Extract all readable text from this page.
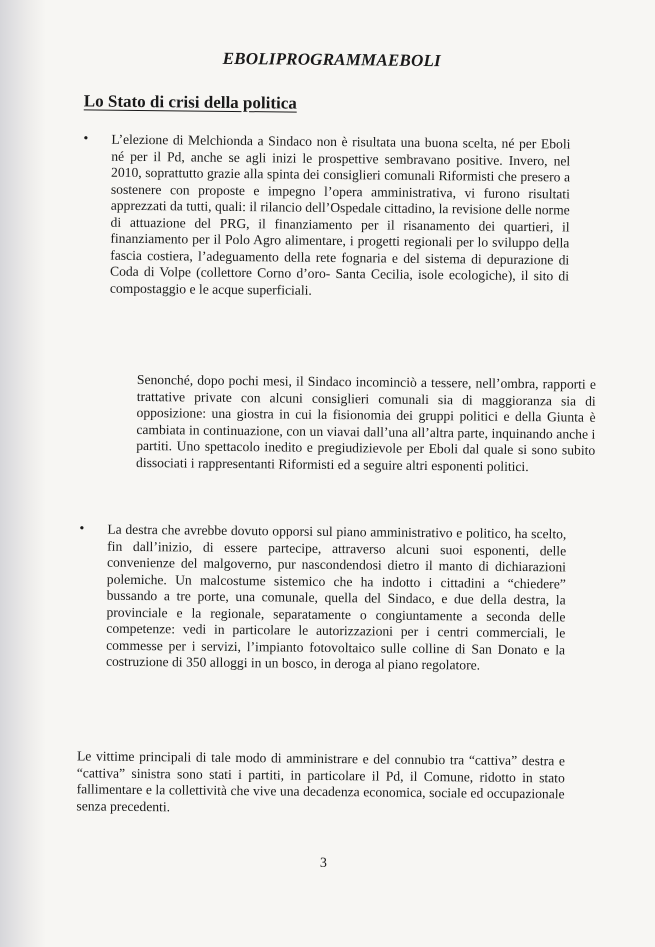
EBOLIPROGRAMMAEBOLI
Lo Stato di crisi della politica
• L’elezione di Melchionda a Sindaco non è risultata una buona scelta, né per Eboli né per il Pd, anche se agli inizi le prospettive sembravano positive. Invero, nel 2010, soprattutto grazie alla spinta dei consiglieri comunali Riformisti che presero a sostenere con proposte e impegno l’opera amministrativa, vi furono risultati apprezzati da tutti, quali: il rilancio dell’Ospedale cittadino, la revisione delle norme di attuazione del PRG, il finanziamento per il risanamento dei quartieri, il finanziamento per il Polo Agro alimentare, i progetti regionali per lo sviluppo della fascia costiera, l’adeguamento della rete fognaria e del sistema di depurazione di Coda di Volpe (collettore Corno d’oro- Santa Cecilia, isole ecologiche), il sito di compostaggio e le acque superficiali.

Senonché, dopo pochi mesi, il Sindaco incominciò a tessere, nell’ombra, rapporti e trattative private con alcuni consiglieri comunali sia di maggioranza sia di opposizione: una giostra in cui la fisionomia dei gruppi politici e della Giunta è cambiata in continuazione, con un viavai dall’una all’altra parte, inquinando anche i partiti. Uno spettacolo inedito e pregiudizievole per Eboli dal quale si sono subito dissociati i rappresentanti Riformisti ed a seguire altri esponenti politici.

• La destra che avrebbe dovuto opporsi sul piano amministrativo e politico, ha scelto, fin dall’inizio, di essere partecipe, attraverso alcuni suoi esponenti, delle convenienze del malgoverno, pur nascondendosi dietro il manto di dichiarazioni polemiche. Un malcostume sistemico che ha indotto i cittadini a “chiedere” bussando a tre porte, una comunale, quella del Sindaco, e due della destra, la provinciale e la regionale, separatamente o congiuntamente a seconda delle competenze: vedi in particolare le autorizzazioni per i centri commerciali, le commesse per i servizi, l’impianto fotovoltaico sulle colline di San Donato e la costruzione di 350 alloggi in un bosco, in deroga al piano regolatore.

Le vittime principali di tale modo di amministrare e del connubio tra “cattiva” destra e “cattiva” sinistra sono stati i partiti, in particolare il Pd, il Comune, ridotto in stato fallimentare e la collettività che vive una decadenza economica, sociale ed occupazionale senza precedenti.

3
